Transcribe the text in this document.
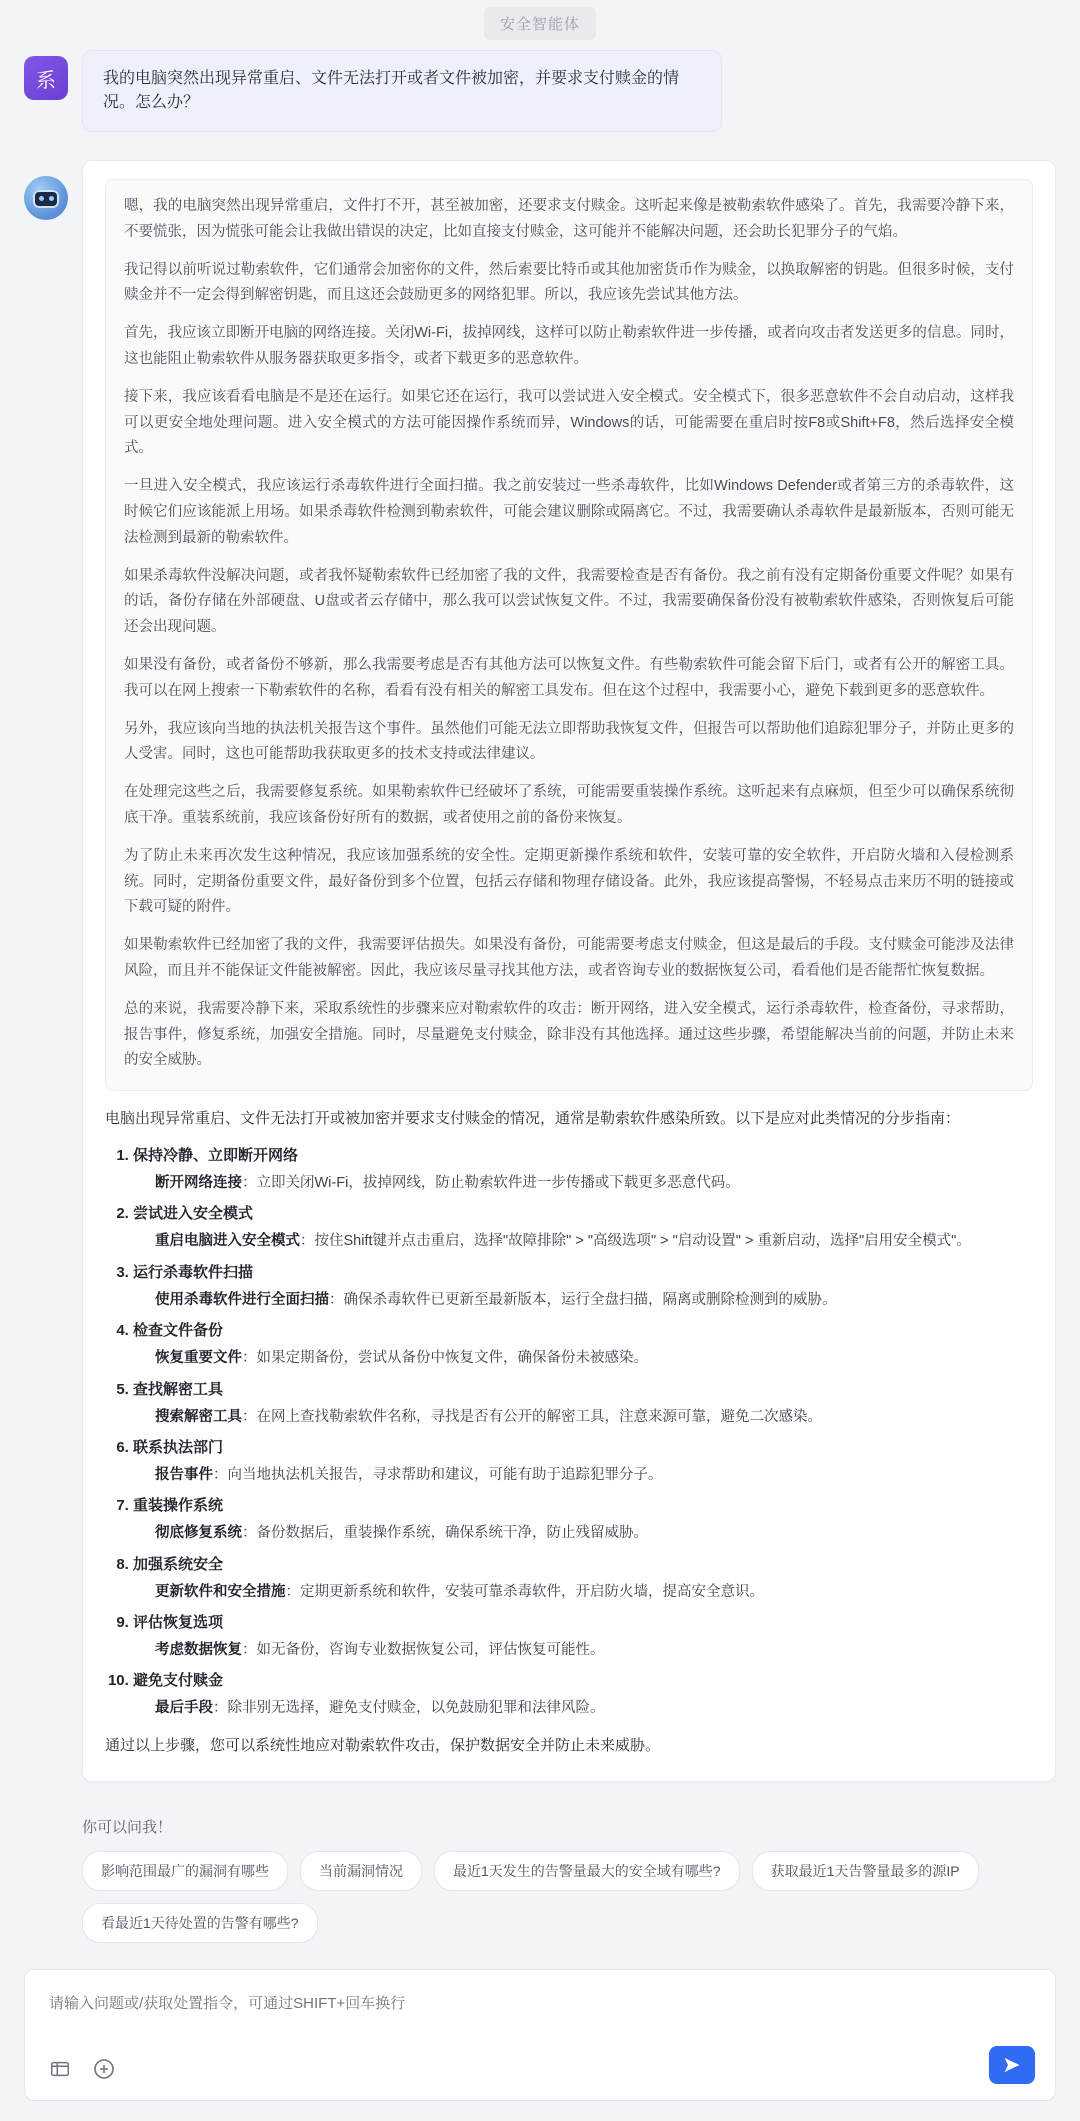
安全智能体
系	我的电脑突然出现异常重启、文件无法打开或者文件被加密，并要求支付赎金的情况。怎么办？

嗯，我的电脑突然出现异常重启，文件打不开，甚至被加密，还要求支付赎金。这听起来像是被勒索软件感染了。首先，我需要冷静下来，不要慌张，因为慌张可能会让我做出错误的决定，比如直接支付赎金，这可能并不能解决问题，还会助长犯罪分子的气焰。

我记得以前听说过勒索软件，它们通常会加密你的文件，然后索要比特币或其他加密货币作为赎金，以换取解密的钥匙。但很多时候，支付赎金并不一定会得到解密钥匙，而且这还会鼓励更多的网络犯罪。所以，我应该先尝试其他方法。

首先，我应该立即断开电脑的网络连接。关闭Wi-Fi，拔掉网线，这样可以防止勒索软件进一步传播，或者向攻击者发送更多的信息。同时，这也能阻止勒索软件从服务器获取更多指令，或者下载更多的恶意软件。

接下来，我应该看看电脑是不是还在运行。如果它还在运行，我可以尝试进入安全模式。安全模式下，很多恶意软件不会自动启动，这样我可以更安全地处理问题。进入安全模式的方法可能因操作系统而异，Windows的话，可能需要在重启时按F8或Shift+F8，然后选择安全模式。

一旦进入安全模式，我应该运行杀毒软件进行全面扫描。我之前安装过一些杀毒软件，比如Windows Defender或者第三方的杀毒软件，这时候它们应该能派上用场。如果杀毒软件检测到勒索软件，可能会建议删除或隔离它。不过，我需要确认杀毒软件是最新版本，否则可能无法检测到最新的勒索软件。

如果杀毒软件没解决问题，或者我怀疑勒索软件已经加密了我的文件，我需要检查是否有备份。我之前有没有定期备份重要文件呢？如果有的话，备份存储在外部硬盘、U盘或者云存储中，那么我可以尝试恢复文件。不过，我需要确保备份没有被勒索软件感染，否则恢复后可能还会出现问题。

如果没有备份，或者备份不够新，那么我需要考虑是否有其他方法可以恢复文件。有些勒索软件可能会留下后门，或者有公开的解密工具。我可以在网上搜索一下勒索软件的名称，看看有没有相关的解密工具发布。但在这个过程中，我需要小心，避免下载到更多的恶意软件。

另外，我应该向当地的执法机关报告这个事件。虽然他们可能无法立即帮助我恢复文件，但报告可以帮助他们追踪犯罪分子，并防止更多的人受害。同时，这也可能帮助我获取更多的技术支持或法律建议。

在处理完这些之后，我需要修复系统。如果勒索软件已经破坏了系统，可能需要重装操作系统。这听起来有点麻烦，但至少可以确保系统彻底干净。重装系统前，我应该备份好所有的数据，或者使用之前的备份来恢复。

为了防止未来再次发生这种情况，我应该加强系统的安全性。定期更新操作系统和软件，安装可靠的安全软件，开启防火墙和入侵检测系统。同时，定期备份重要文件，最好备份到多个位置，包括云存储和物理存储设备。此外，我应该提高警惕，不轻易点击来历不明的链接或下载可疑的附件。

如果勒索软件已经加密了我的文件，我需要评估损失。如果没有备份，可能需要考虑支付赎金，但这是最后的手段。支付赎金可能涉及法律风险，而且并不能保证文件能被解密。因此，我应该尽量寻找其他方法，或者咨询专业的数据恢复公司，看看他们是否能帮忙恢复数据。

总的来说，我需要冷静下来，采取系统性的步骤来应对勒索软件的攻击：断开网络，进入安全模式，运行杀毒软件，检查备份，寻求帮助，报告事件，修复系统，加强安全措施。同时，尽量避免支付赎金，除非没有其他选择。通过这些步骤，希望能解决当前的问题，并防止未来的安全威胁。

电脑出现异常重启、文件无法打开或被加密并要求支付赎金的情况，通常是勒索软件感染所致。以下是应对此类情况的分步指南：
1. 保持冷静、立即断开网络
断开网络连接：立即关闭Wi-Fi，拔掉网线，防止勒索软件进一步传播或下载更多恶意代码。
2. 尝试进入安全模式
重启电脑进入安全模式：按住Shift键并点击重启，选择"故障排除" > "高级选项" > "启动设置" > 重新启动，选择"启用安全模式"。
3. 运行杀毒软件扫描
使用杀毒软件进行全面扫描：确保杀毒软件已更新至最新版本，运行全盘扫描，隔离或删除检测到的威胁。
4. 检查文件备份
恢复重要文件：如果定期备份，尝试从备份中恢复文件，确保备份未被感染。
5. 查找解密工具
搜索解密工具：在网上查找勒索软件名称，寻找是否有公开的解密工具，注意来源可靠，避免二次感染。
6. 联系执法部门
报告事件：向当地执法机关报告，寻求帮助和建议，可能有助于追踪犯罪分子。
7. 重装操作系统
彻底修复系统：备份数据后，重装操作系统，确保系统干净，防止残留威胁。
8. 加强系统安全
更新软件和安全措施：定期更新系统和软件，安装可靠杀毒软件，开启防火墙，提高安全意识。
9. 评估恢复选项
考虑数据恢复：如无备份，咨询专业数据恢复公司，评估恢复可能性。
10. 避免支付赎金
最后手段：除非别无选择，避免支付赎金，以免鼓励犯罪和法律风险。
通过以上步骤，您可以系统性地应对勒索软件攻击，保护数据安全并防止未来威胁。
你可以问我！
影响范围最广的漏洞有哪些	当前漏洞情况	最近1天发生的告警量最大的安全域有哪些?	获取最近1天告警量最多的源IP
看最近1天待处置的告警有哪些?
请输入问题或/获取处置指令，可通过SHIFT+回车换行
